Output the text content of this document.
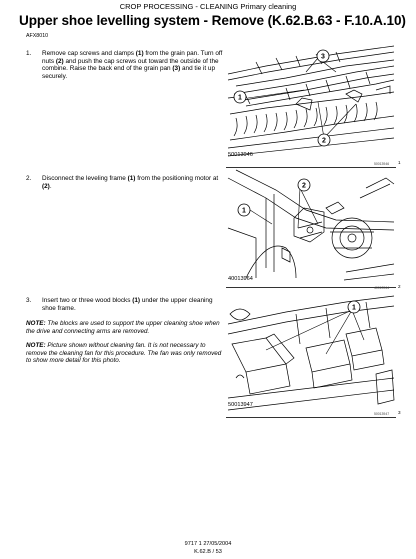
CROP PROCESSING - CLEANING Primary cleaning
Upper shoe levelling system - Remove (K.62.B.63 - F.10.A.10)
AFX8010
1. Remove cap screws and clamps (1) from the grain pan. Turn off nuts (2) and push the cap screws out toward the outside of the combine. Raise the back end of the grain pan (3) and tie it up securely.
2. Disconnect the leveling frame (1) from the positioning motor at (2).
3. Insert two or three wood blocks (1) under the upper cleaning shoe frame.
NOTE: The blocks are used to support the upper cleaning shoe when the drive and connecting arms are removed.
NOTE: Picture shown without cleaning fan. It is not necessary to remove the cleaning fan for this procedure. The fan was only removed to show more detail for this photo.
1
2
3
50013946
50013946 1
1
2
40013964
40013964 2
1
50013947
50013947 3
9717 1 27/05/2004
K.62.B / 53
